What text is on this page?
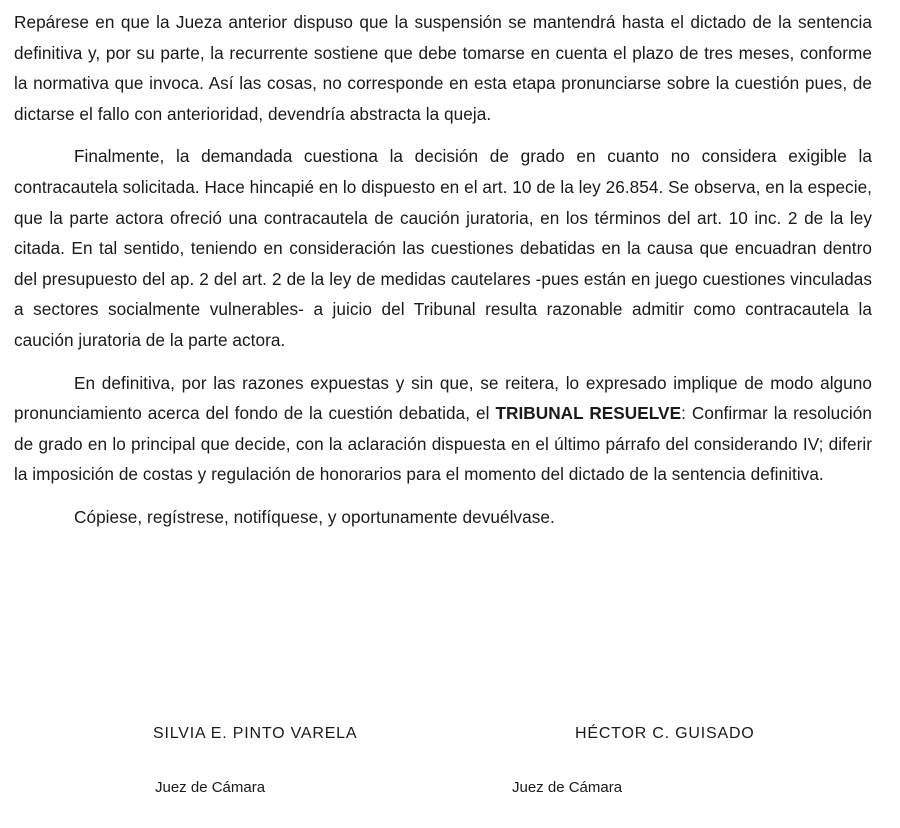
Repárese en que la Jueza anterior dispuso que la suspensión se mantendrá hasta el dictado de la sentencia definitiva y, por su parte, la recurrente sostiene que debe tomarse en cuenta el plazo de tres meses, conforme la normativa que invoca. Así las cosas, no corresponde en esta etapa pronunciarse sobre la cuestión pues, de dictarse el fallo con anterioridad, devendría abstracta la queja.

Finalmente, la demandada cuestiona la decisión de grado en cuanto no considera exigible la contracautela solicitada. Hace hincapié en lo dispuesto en el art. 10 de la ley 26.854. Se observa, en la especie, que la parte actora ofreció una contracautela de caución juratoria, en los términos del art. 10 inc. 2 de la ley citada. En tal sentido, teniendo en consideración las cuestiones debatidas en la causa que encuadran dentro del presupuesto del ap. 2 del art. 2 de la ley de medidas cautelares -pues están en juego cuestiones vinculadas a sectores socialmente vulnerables- a juicio del Tribunal resulta razonable admitir como contracautela la caución juratoria de la parte actora.

En definitiva, por las razones expuestas y sin que, se reitera, lo expresado implique de modo alguno pronunciamiento acerca del fondo de la cuestión debatida, el TRIBUNAL RESUELVE: Confirmar la resolución de grado en lo principal que decide, con la aclaración dispuesta en el último párrafo del considerando IV; diferir la imposición de costas y regulación de honorarios para el momento del dictado de la sentencia definitiva.

Cópiese, regístrese, notifíquese, y oportunamente devuélvase.

SILVIA E. PINTO VARELA	HÉCTOR C. GUISADO
Juez de Cámara	Juez de Cámara
